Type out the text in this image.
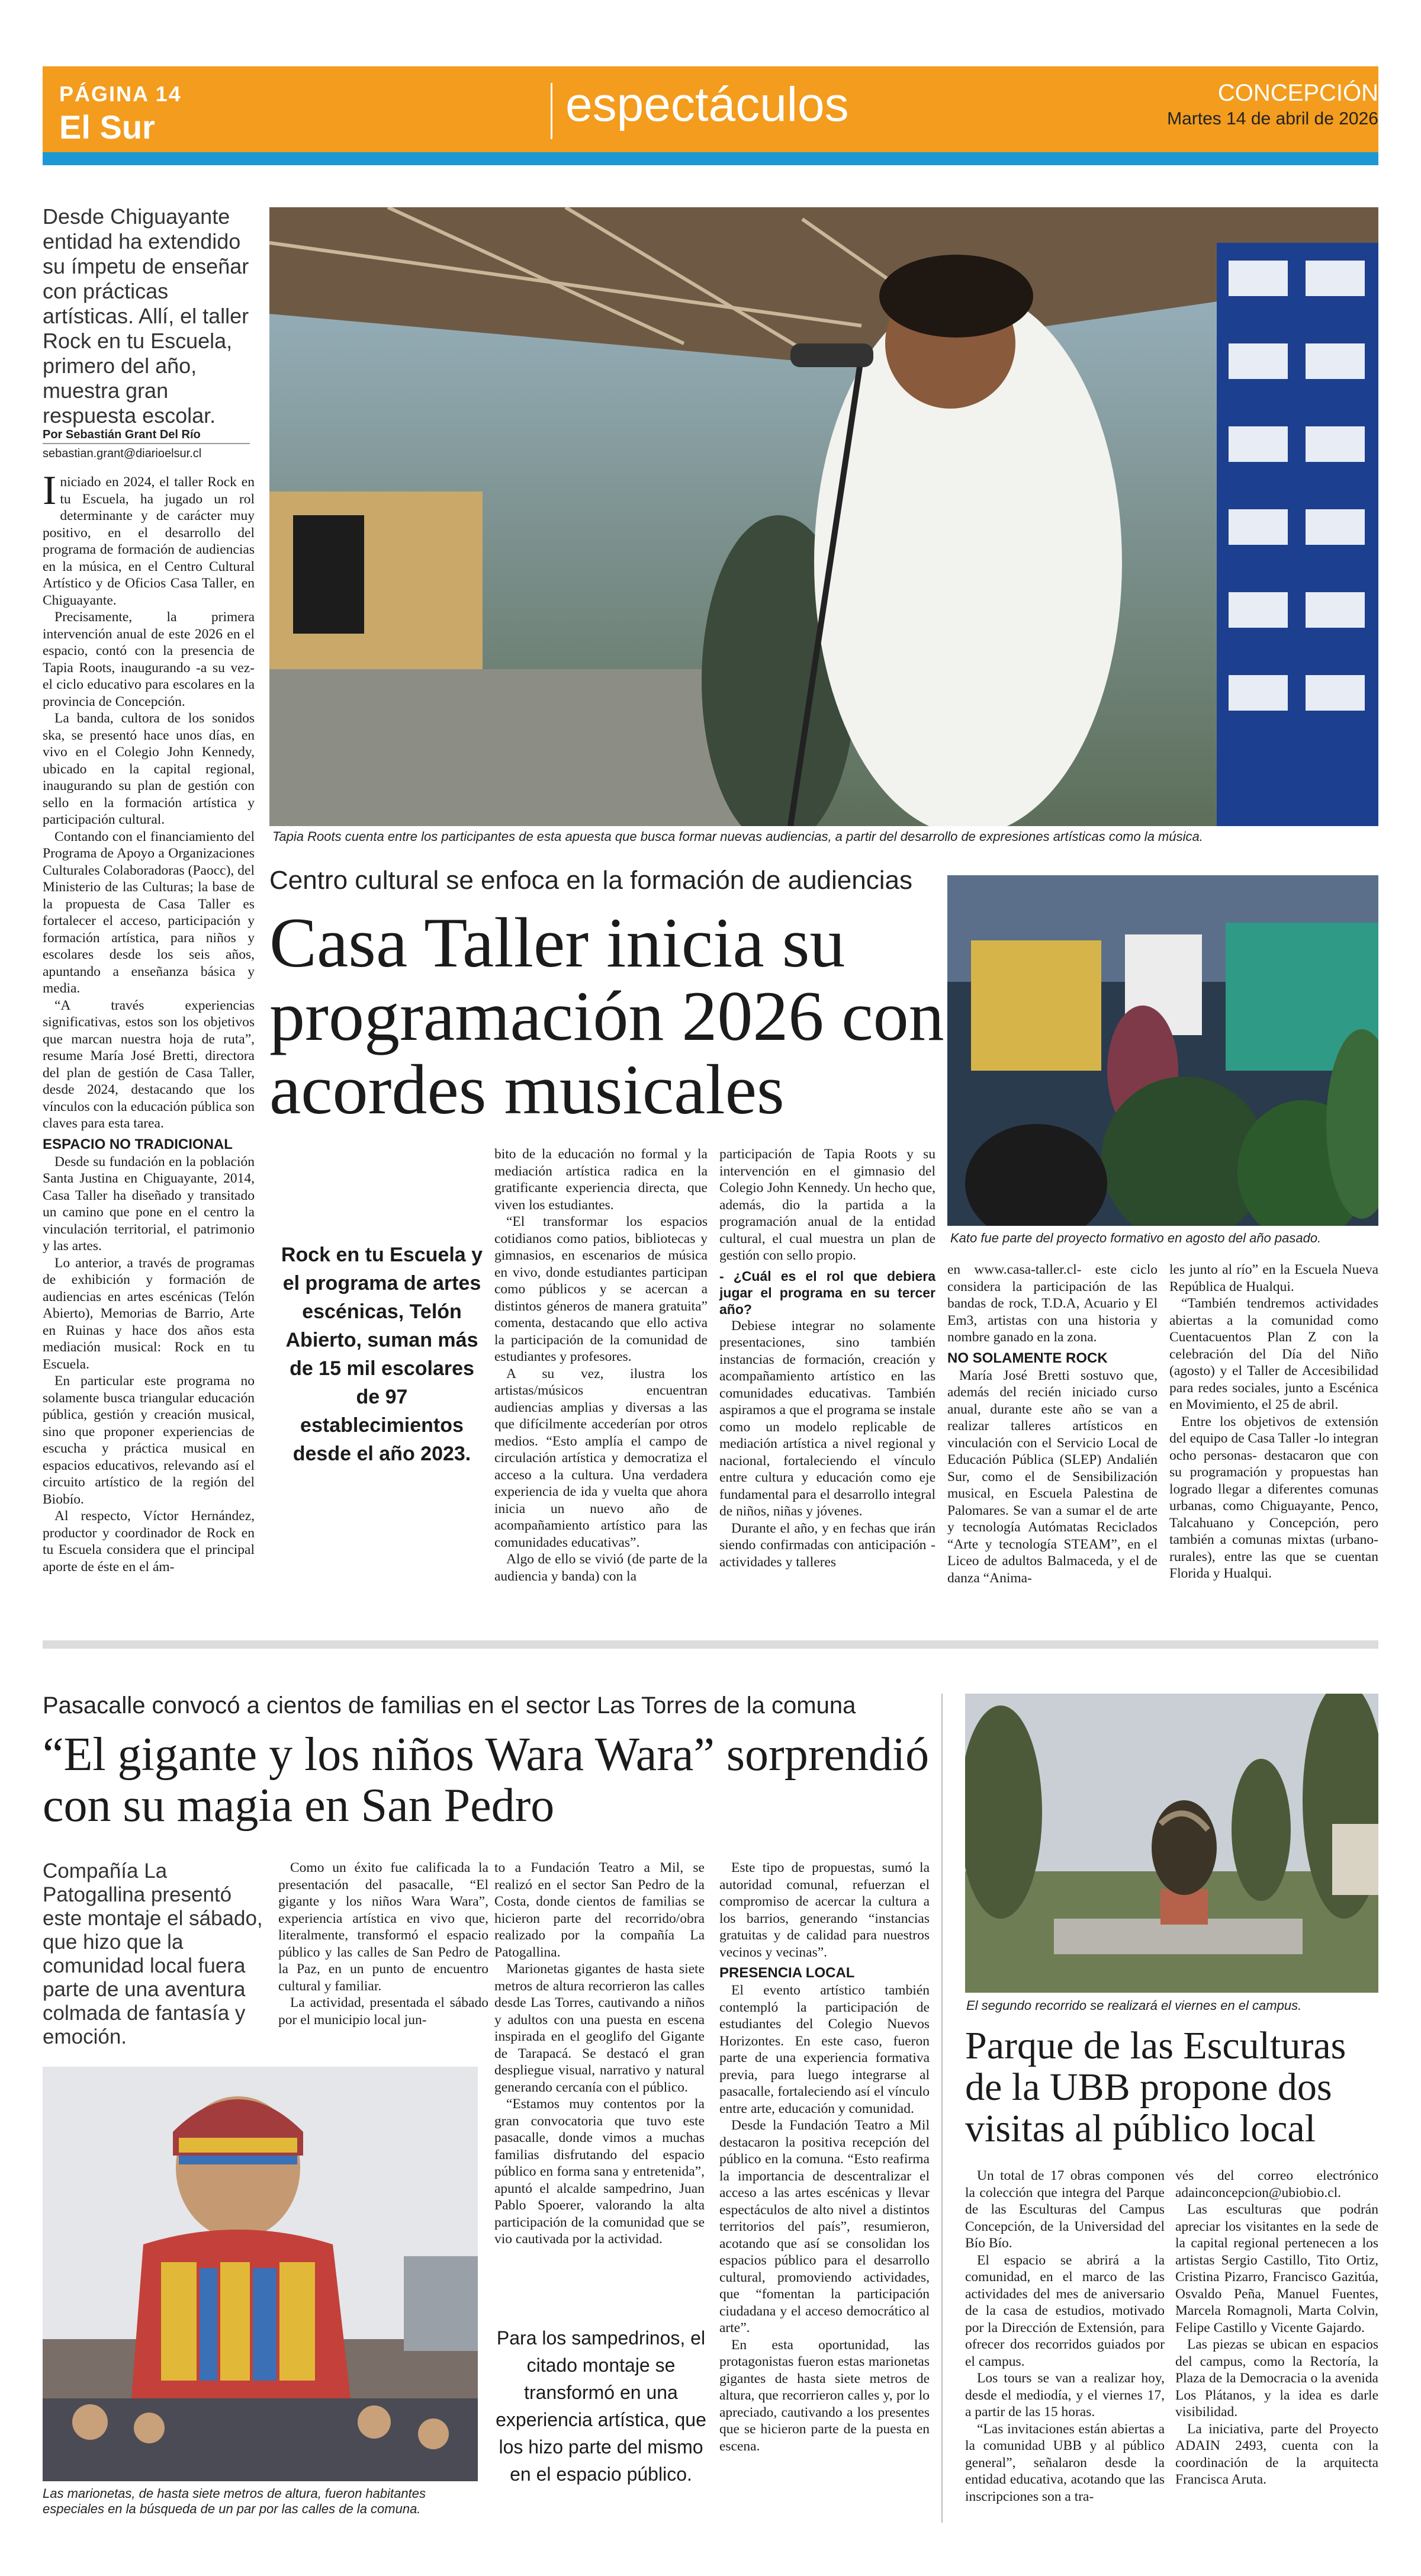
PÁGINA 14
El Sur	espectáculos	CONCEPCIÓN
Martes 14 de abril de 2026
Desde Chiguayante entidad ha extendido su ímpetu de enseñar con prácticas artísticas. Allí, el taller Rock en tu Escuela, primero del año, muestra gran respuesta escolar.
Por Sebastián Grant Del Río
sebastian.grant@diarioelsur.cl
Tapia Roots cuenta entre los participantes de esta apuesta que busca formar nuevas audiencias, a partir del desarrollo de expresiones artísticas como la música.
Centro cultural se enfoca en la formación de audiencias
Casa Taller inicia su programación 2026 con acordes musicales
Kato fue parte del proyecto formativo en agosto del año pasado.

Iniciado en 2024, el taller Rock en tu Escuela, ha jugado un rol determinante y de carácter muy positivo, en el desarrollo del programa de formación de audiencias en la música, en el Centro Cultural Artístico y de Oficios Casa Taller, en Chiguayante.

Precisamente, la primera intervención anual de este 2026 en el espacio, contó con la presencia de Tapia Roots, inaugurando -a su vez- el ciclo educativo para escolares en la provincia de Concepción.

La banda, cultora de los sonidos ska, se presentó hace unos días, en vivo en el Colegio John Kennedy, ubicado en la capital regional, inaugurando su plan de gestión con sello en la formación artística y participación cultural.

Contando con el financiamiento del Programa de Apoyo a Organizaciones Culturales Colaboradoras (Paocc), del Ministerio de las Culturas; la base de la propuesta de Casa Taller es fortalecer el acceso, participación y formación artística, para niños y escolares desde los seis años, apuntando a enseñanza básica y media.

“A través experiencias significativas, estos son los objetivos que marcan nuestra hoja de ruta”, resume María José Bretti, directora del plan de gestión de Casa Taller, desde 2024, destacando que los vínculos con la educación pública son claves para esta tarea.

ESPACIO NO TRADICIONAL

Desde su fundación en la población Santa Justina en Chiguayante, 2014, Casa Taller ha diseñado y transitado un camino que pone en el centro la vinculación territorial, el patrimonio y las artes.

Lo anterior, a través de programas de exhibición y formación de audiencias en artes escénicas (Telón Abierto), Memorias de Barrio, Arte en Ruinas y hace dos años esta mediación musical: Rock en tu Escuela.

En particular este programa no solamente busca triangular educación pública, gestión y creación musical, sino que proponer experiencias de escucha y práctica musical en espacios educativos, relevando así el circuito artístico de la región del Biobío.

Al respecto, Víctor Hernández, productor y coordinador de Rock en tu Escuela considera que el principal aporte de éste en el ám-

Rock en tu Escuela y el programa de artes escénicas, Telón Abierto, suman más de 15 mil escolares de 97 establecimientos desde el año 2023.

bito de la educación no formal y la mediación artística radica en la gratificante experiencia directa, que viven los estudiantes.

“El transformar los espacios cotidianos como patios, bibliotecas y gimnasios, en escenarios de música en vivo, donde estudiantes participan como públicos y se acercan a distintos géneros de manera gratuita” comenta, destacando que ello activa la participación de la comunidad de estudiantes y profesores.

A su vez, ilustra los artistas/músicos encuentran audiencias amplias y diversas a las que difícilmente accederían por otros medios. “Esto amplía el campo de circulación artística y democratiza el acceso a la cultura. Una verdadera experiencia de ida y vuelta que ahora inicia un nuevo año de acompañamiento artístico para las comunidades educativas”.

Algo de ello se vivió (de parte de la audiencia y banda) con la

participación de Tapia Roots y su intervención en el gimnasio del Colegio John Kennedy. Un hecho que, además, dio la partida a la programación anual de la entidad cultural, el cual muestra un plan de gestión con sello propio.

- ¿Cuál es el rol que debiera jugar el programa en su tercer año?

Debiese integrar no solamente presentaciones, sino también instancias de formación, creación y acompañamiento artístico en las comunidades educativas. También aspiramos a que el programa se instale como un modelo replicable de mediación artística a nivel regional y nacional, fortaleciendo el vínculo entre cultura y educación como eje fundamental para el desarrollo integral de niños, niñas y jóvenes.

Durante el año, y en fechas que irán siendo confirmadas con anticipación -actividades y talleres

en www.casa-taller.cl- este ciclo considera la participación de las bandas de rock, T.D.A, Acuario y El Em3, artistas con una historia y nombre ganado en la zona.

NO SOLAMENTE ROCK

María José Bretti sostuvo que, además del recién iniciado curso anual, durante este año se van a realizar talleres artísticos en vinculación con el Servicio Local de Educación Pública (SLEP) Andalién Sur, como el de Sensibilización musical, en Escuela Palestina de Palomares. Se van a sumar el de arte y tecnología Autómatas Reciclados “Arte y tecnología STEAM”, en el Liceo de adultos Balmaceda, y el de danza “Anima-

les junto al río” en la Escuela Nueva República de Hualqui.

“También tendremos actividades abiertas a la comunidad como Cuentacuentos Plan Z con la celebración del Día del Niño (agosto) y el Taller de Accesibilidad para redes sociales, junto a Escénica en Movimiento, el 25 de abril.

Entre los objetivos de extensión del equipo de Casa Taller -lo integran ocho personas- destacaron que con su programación y propuestas han logrado llegar a diferentes comunas urbanas, como Chiguayante, Penco, Talcahuano y Concepción, pero también a comunas mixtas (urbano-rurales), entre las que se cuentan Florida y Hualqui.

Pasacalle convocó a cientos de familias en el sector Las Torres de la comuna
“El gigante y los niños Wara Wara” sorprendió con su magia en San Pedro
Compañía La Patogallina presentó este montaje el sábado, que hizo que la comunidad local fuera parte de una aventura colmada de fantasía y emoción.
Las marionetas, de hasta siete metros de altura, fueron habitantes especiales en la búsqueda de un par por las calles de la comuna.

Como un éxito fue calificada la presentación del pasacalle, “El gigante y los niños Wara Wara”, experiencia artística en vivo que, literalmente, transformó el espacio público y las calles de San Pedro de la Paz, en un punto de encuentro cultural y familiar.

La actividad, presentada el sábado por el municipio local jun-

to a Fundación Teatro a Mil, se realizó en el sector San Pedro de la Costa, donde cientos de familias se hicieron parte del recorrido/obra realizado por la compañía La Patogallina.

Marionetas gigantes de hasta siete metros de altura recorrieron las calles desde Las Torres, cautivando a niños y adultos con una puesta en escena inspirada en el geoglifo del Gigante de Tarapacá. Se destacó el gran despliegue visual, narrativo y natural generando cercanía con el público.

“Estamos muy contentos por la gran convocatoria que tuvo este pasacalle, donde vimos a muchas familias disfrutando del espacio público en forma sana y entretenida”, apuntó el alcalde sampedrino, Juan Pablo Spoerer, valorando la alta participación de la comunidad que se vio cautivada por la actividad.

Para los sampedrinos, el citado montaje se transformó en una experiencia artística, que los hizo parte del mismo en el espacio público.

Este tipo de propuestas, sumó la autoridad comunal, refuerzan el compromiso de acercar la cultura a los barrios, generando “instancias gratuitas y de calidad para nuestros vecinos y vecinas”.

PRESENCIA LOCAL

El evento artístico también contempló la participación de estudiantes del Colegio Nuevos Horizontes. En este caso, fueron parte de una experiencia formativa previa, para luego integrarse al pasacalle, fortaleciendo así el vínculo entre arte, educación y comunidad.

Desde la Fundación Teatro a Mil destacaron la positiva recepción del público en la comuna. “Esto reafirma la importancia de descentralizar el acceso a las artes escénicas y llevar espectáculos de alto nivel a distintos territorios del país”, resumieron, acotando que así se consolidan los espacios público para el desarrollo cultural, promoviendo actividades, que “fomentan la participación ciudadana y el acceso democrático al arte”.

En esta oportunidad, las protagonistas fueron estas marionetas gigantes de hasta siete metros de altura, que recorrieron calles y, por lo apreciado, cautivando a los presentes que se hicieron parte de la puesta en escena.

El segundo recorrido se realizará el viernes en el campus.
Parque de las Esculturas de la UBB propone dos visitas al público local

Un total de 17 obras componen la colección que integra del Parque de las Esculturas del Campus Concepción, de la Universidad del Bío Bío.

El espacio se abrirá a la comunidad, en el marco de las actividades del mes de aniversario de la casa de estudios, motivado por la Dirección de Extensión, para ofrecer dos recorridos guiados por el campus.

Los tours se van a realizar hoy, desde el mediodía, y el viernes 17, a partir de las 15 horas.

“Las invitaciones están abiertas a la comunidad UBB y al público general”, señalaron desde la entidad educativa, acotando que las inscripciones son a tra-

vés del correo electrónico adainconcepcion@ubiobio.cl.

Las esculturas que podrán apreciar los visitantes en la sede de la capital regional pertenecen a los artistas Sergio Castillo, Tito Ortiz, Cristina Pizarro, Francisco Gazitúa, Osvaldo Peña, Manuel Fuentes, Marcela Romagnoli, Marta Colvin, Felipe Castillo y Vicente Gajardo.

Las piezas se ubican en espacios del campus, como la Rectoría, la Plaza de la Democracia o la avenida Los Plátanos, y la idea es darle visibilidad.

La iniciativa, parte del Proyecto ADAIN 2493, cuenta con la coordinación de la arquitecta Francisca Aruta.
